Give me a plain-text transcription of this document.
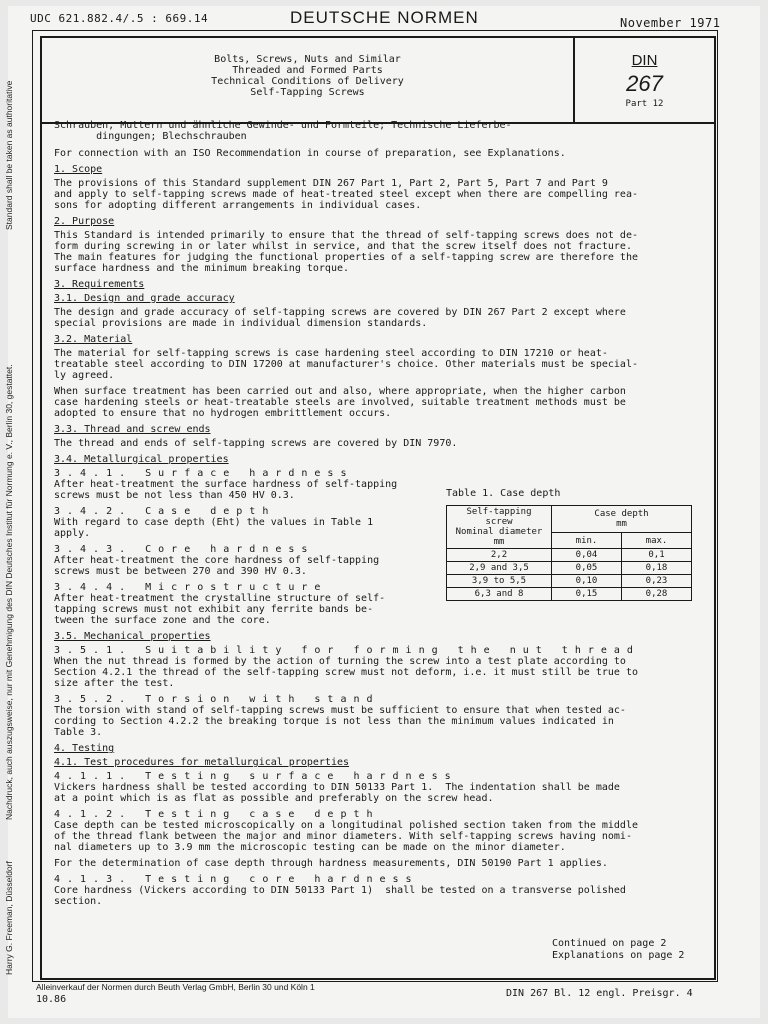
UDC 621.882.4/.5 : 669.14	DEUTSCHE NORMEN	November 1971
Bolts, Screws, Nuts and Similar
Threaded and Formed Parts
Technical Conditions of Delivery
Self-Tapping Screws
DIN
267
Part 12
Standard shall be taken as authoritative
Nachdruck, auch auszugsweise, nur mit Genehmigung des DIN Deutsches Institut für Normung e. V., Berlin 30, gestattet.
Harry G. Freeman, Düsseldorf

Schrauben, Muttern und ähnliche Gewinde- und Formteile; Technische Lieferbe-
dingungen; Blechschrauben

For connection with an ISO Recommendation in course of preparation, see Explanations.

1. Scope

The provisions of this Standard supplement DIN 267 Part 1, Part 2, Part 5, Part 7 and Part 9
and apply to self-tapping screws made of heat-treated steel except when there are compelling rea-
sons for adopting different arrangements in individual cases.

2. Purpose

This Standard is intended primarily to ensure that the thread of self-tapping screws does not de-
form during screwing in or later whilst in service, and that the screw itself does not fracture.
The main features for judging the functional properties of a self-tapping screw are therefore the
surface hardness and the minimum breaking torque.

3. Requirements
3.1. Design and grade accuracy

The design and grade accuracy of self-tapping screws are covered by DIN 267 Part 2 except where
special provisions are made in individual dimension standards.

3.2. Material

The material for self-tapping screws is case hardening steel according to DIN 17210 or heat-
treatable steel according to DIN 17200 at manufacturer's choice. Other materials must be special-
ly agreed.

When surface treatment has been carried out and also, where appropriate, when the higher carbon
case hardening steels or heat-treatable steels are involved, suitable treatment methods must be
adopted to ensure that no hydrogen embrittlement occurs.

3.3. Thread and screw ends

The thread and ends of self-tapping screws are covered by DIN 7970.

3.4. Metallurgical properties
3.4.1. Surface hardness

After heat-treatment the surface hardness of self-tapping
screws must be not less than 450 HV 0.3.

3.4.2. Case depth

With regard to case depth (Eht) the values in Table 1
apply.

3.4.3. Core hardness

After heat-treatment the core hardness of self-tapping
screws must be between 270 and 390 HV 0.3.

3.4.4. Microstructure

After heat-treatment the crystalline structure of self-
tapping screws must not exhibit any ferrite bands be-
tween the surface zone and the core.

3.5. Mechanical properties
3.5.1. Suitability for forming the nut thread

When the nut thread is formed by the action of turning the screw into a test plate according to
Section 4.2.1 the thread of the self-tapping screw must not deform, i.e. it must still be true to
size after the test.

3.5.2. Torsion with stand

The torsion with stand of self-tapping screws must be sufficient to ensure that when tested ac-
cording to Section 4.2.2 the breaking torque is not less than the minimum values indicated in
Table 3.

4. Testing
4.1. Test procedures for metallurgical properties
4.1.1. Testing surface hardness

Vickers hardness shall be tested according to DIN 50133 Part 1.  The indentation shall be made
at a point which is as flat as possible and preferably on the screw head.

4.1.2. Testing case depth

Case depth can be tested microscopically on a longitudinal polished section taken from the middle
of the thread flank between the major and minor diameters. With self-tapping screws having nomi-
nal diameters up to 3.9 mm the microscopic testing can be made on the minor diameter.

For the determination of case depth through hardness measurements, DIN 50190 Part 1 applies.

4.1.3. Testing core hardness

Core hardness (Vickers according to DIN 50133 Part 1)  shall be tested on a transverse polished
section.

Table 1. Case depth
Self-tapping
screw
Nominal diameter
mm	Case depth
mm	
	min.	max.
2,2	0,04	0,1
2,9 and 3,5	0,05	0,18
3,9 to 5,5	0,10	0,23
6,3 and 8	0,15	0,28
Continued on page 2
Explanations on page 2
Alleinverkauf der Normen durch Beuth Verlag GmbH, Berlin 30 und Köln 1
10.86
DIN 267 Bl. 12 engl. Preisgr. 4
